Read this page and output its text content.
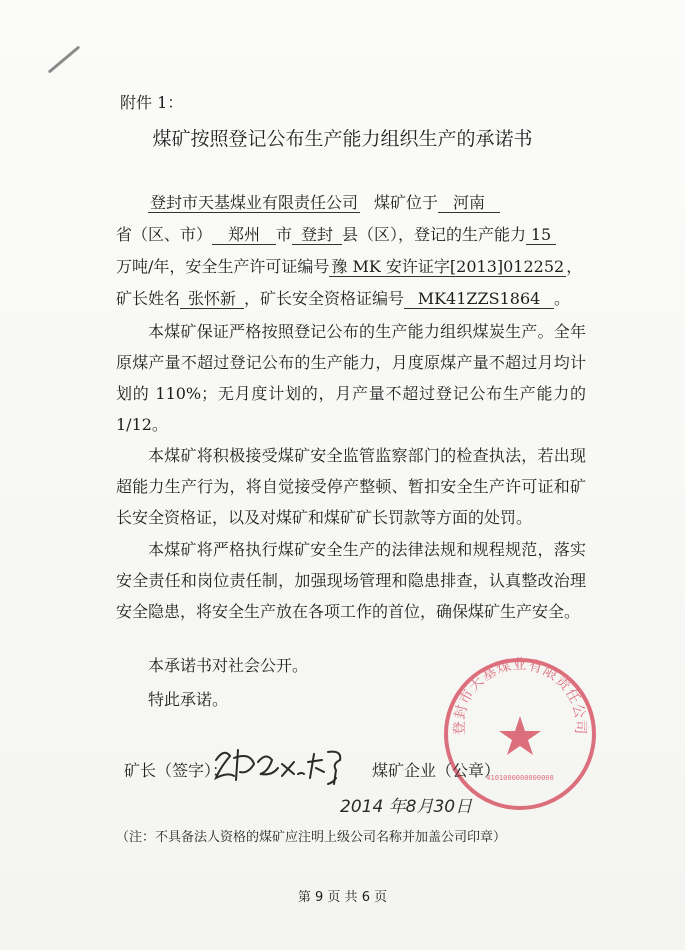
附件 1：
煤矿按照登记公布生产能力组织生产的承诺书
登封市天基煤业有限责任公司 煤矿位于 河南
省（区、市） 郑州 市 登封 县（区），登记的生产能力 15
万吨/年，安全生产许可证编号 豫 MK 安许证字[2013]012252 ，
矿长姓名 张怀新 ，矿长安全资格证编号 MK41ZZS1864 。
本煤矿保证严格按照登记公布的生产能力组织煤炭生产。全年原煤产量不超过登记公布的生产能力，月度原煤产量不超过月均计划的 110%；无月度计划的，月产量不超过登记公布生产能力的 1/12。
本煤矿将积极接受煤矿安全监管监察部门的检查执法，若出现超能力生产行为，将自觉接受停产整顿、暂扣安全生产许可证和矿长安全资格证，以及对煤矿和煤矿矿长罚款等方面的处罚。
本煤矿将严格执行煤矿安全生产的法律法规和规程规范，落实安全责任和岗位责任制，加强现场管理和隐患排查，认真整改治理安全隐患，将安全生产放在各项工作的首位，确保煤矿生产安全。
本承诺书对社会公开。
特此承诺。
登封市天基煤业有限责任公司
4101000000000000
矿长（签字）：	煤矿企业（公章）
2014 年8月30日
（注：不具备法人资格的煤矿应注明上级公司名称并加盖公司印章）
第 9 页 共 6 页
